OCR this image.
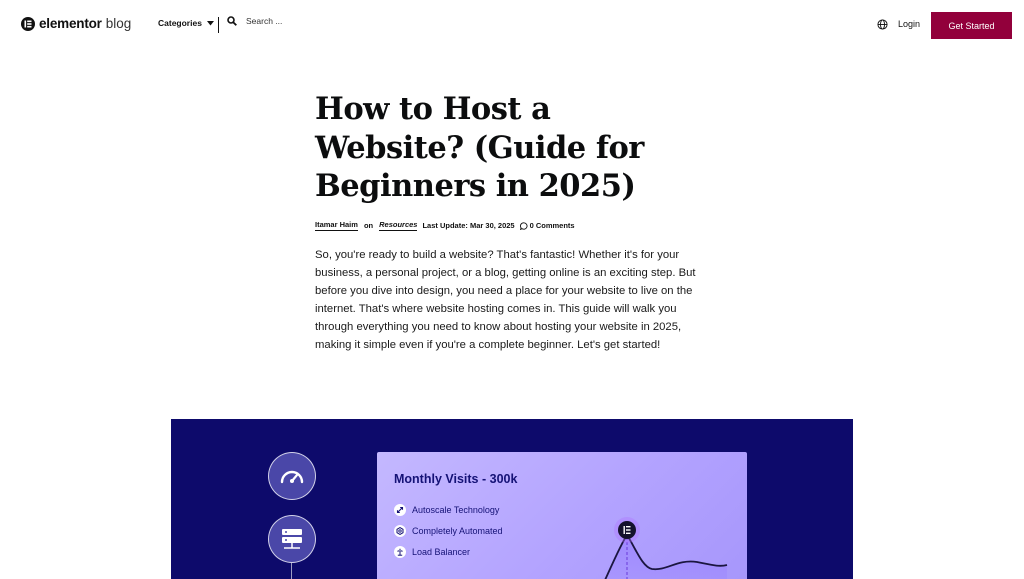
elementor blog	Categories
Search ...	Login	Get Started
How to Host a Website? (Guide for Beginners in 2025)
Itamar Haim on Resources Last Update: Mar 30, 2025 0 Comments

So, you're ready to build a website? That's fantastic! Whether it's for your business, a personal project, or a blog, getting online is an exciting step. But before you dive into design, you need a place for your website to live on the internet. That's where website hosting comes in. This guide will walk you through everything you need to know about hosting your website in 2025, making it simple even if you're a complete beginner. Let's get started!

Monthly Visits - 300k
Autoscale Technology
Completely Automated
Load Balancer
